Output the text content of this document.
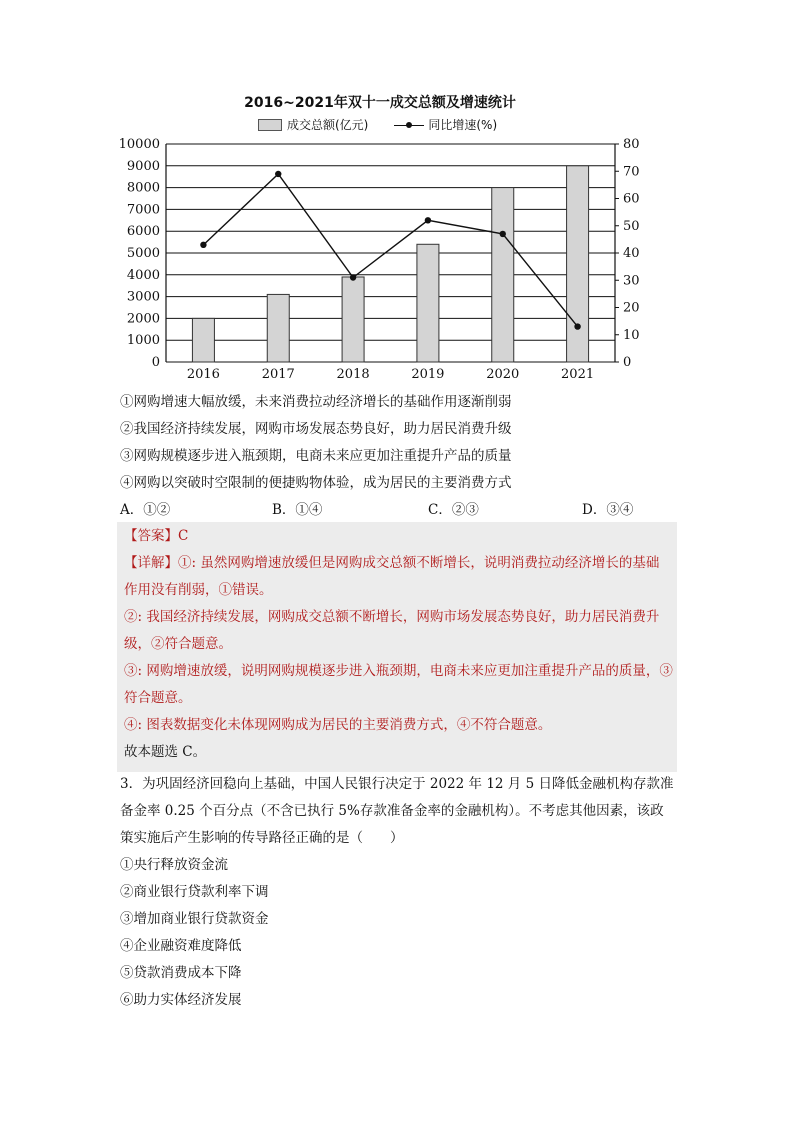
2016~2021年双十一成交总额及增速统计
成交总额(亿元)	同比增速(%)
0
1000
2000
3000
4000
5000
6000
7000
8000
9000
10000
0
10
20
30
40
50
60
70
80
2016	2017	2018	2019	2020	2021
①网购增速大幅放缓，未来消费拉动经济增长的基础作用逐渐削弱
②我国经济持续发展，网购市场发展态势良好，助力居民消费升级
③网购规模逐步进入瓶颈期，电商未来应更加注重提升产品的质量
④网购以突破时空限制的便捷购物体验，成为居民的主要消费方式
A．①②	B．①④	C．②③	D．③④
【答案】C
【详解】①: 虽然网购增速放缓但是网购成交总额不断增长，说明消费拉动经济增长的基础
作用没有削弱，①错误。
②: 我国经济持续发展，网购成交总额不断增长，网购市场发展态势良好，助力居民消费升
级，②符合题意。
③: 网购增速放缓，说明网购规模逐步进入瓶颈期，电商未来应更加注重提升产品的质量，③
符合题意。
④: 图表数据变化未体现网购成为居民的主要消费方式，④不符合题意。
故本题选 C。
3．为巩固经济回稳向上基础，中国人民银行决定于 2022 年 12 月 5 日降低金融机构存款准
备金率 0.25 个百分点（不含已执行 5%存款准备金率的金融机构）。不考虑其他因素，该政
策实施后产生影响的传导路径正确的是（　　）
①央行释放资金流
②商业银行贷款利率下调
③增加商业银行贷款资金
④企业融资难度降低
⑤贷款消费成本下降
⑥助力实体经济发展
